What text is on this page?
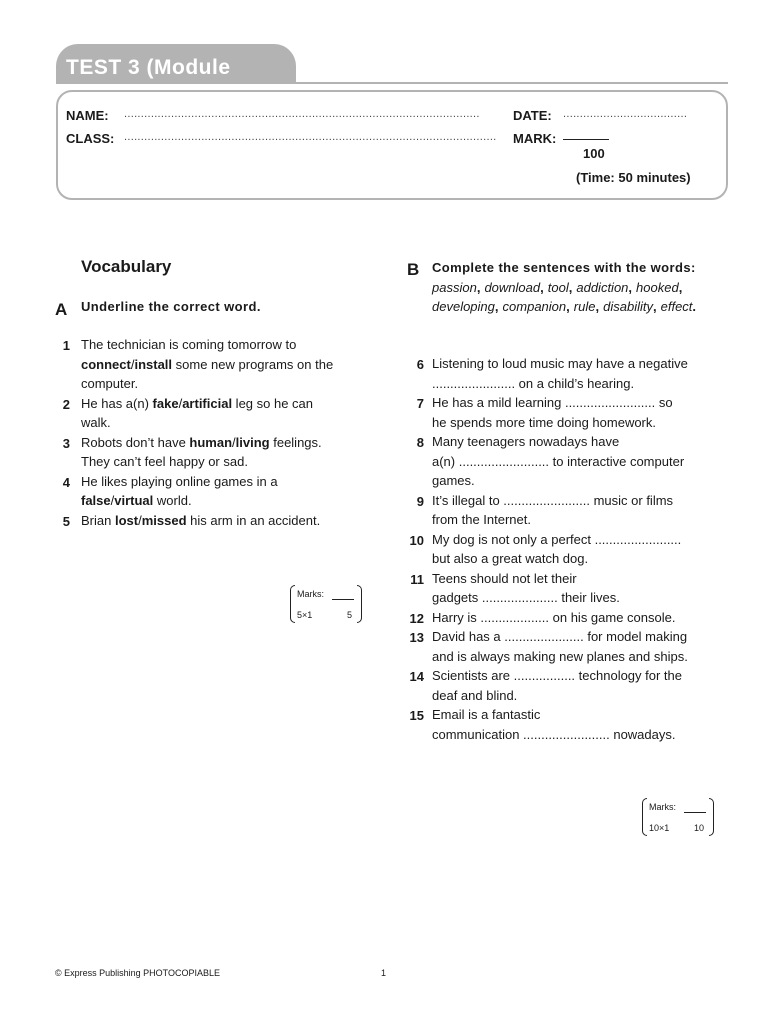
TEST 3 (Module
NAME: ..........................................................................................................	DATE: .....................................
CLASS: ...............................................................................................................	MARK:
100
(Time: 50 minutes)
Vocabulary
A Underline the correct word.
1 The technician is coming tomorrow to
connect/install some new programs on the
computer.
2 He has a(n) fake/artificial leg so he can
walk.
3 Robots don’t have human/living feelings.
They can’t feel happy or sad.
4 He likes playing online games in a
false/virtual world.
5 Brian lost/missed his arm in an accident.
Marks:
5×1	5
B Complete the sentences with the words: passion, download, tool, addiction, hooked, developing, companion, rule, disability, effect.
6 Listening to loud music may have a negative
....................... on a child’s hearing.
7 He has a mild learning ......................... so
he spends more time doing homework.
8 Many teenagers nowadays have
a(n) ......................... to interactive computer
games.
9 It’s illegal to ........................ music or films
from the Internet.
10 My dog is not only a perfect ........................
but also a great watch dog.
11 Teens should not let their
gadgets ..................... their lives.
12 Harry is ................... on his game console.
13 David has a ...................... for model making
and is always making new planes and ships.
14 Scientists are ................. technology for the
deaf and blind.
15 Email is a fantastic
communication ........................ nowadays.
Marks:
10×1	10
© Express Publishing PHOTOCOPIABLE	1
